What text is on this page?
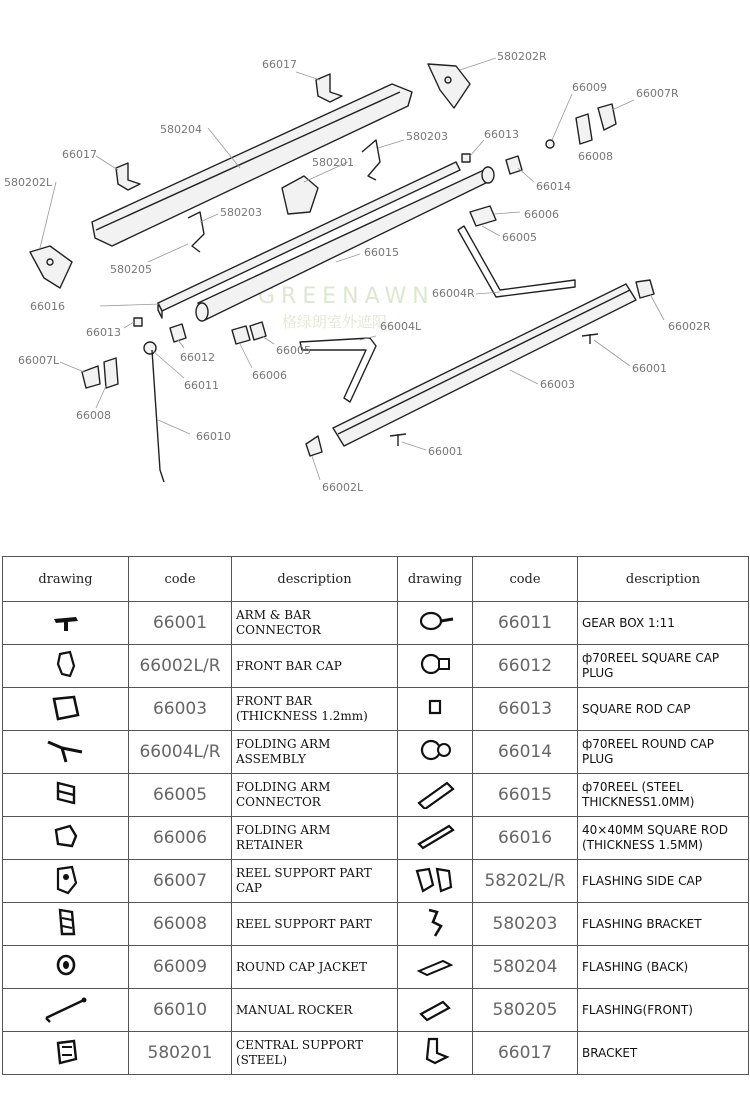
GREENAWN
格绿朗室外遮阳
66017
580202R
66009	66007R
580204
580203	66013
66008
66017
580201
66014
580202L
580203	66006
66005
580205
66015
66016
66004R
66002R
66013	66004L
66012
66005
66007L
66001
66006
66011	66003
66008
66010
66001
66002L
drawing	code	description	drawing	code	description
	66001	ARM & BAR CONNECTOR		66011	GEAR BOX 1:11
	66002L/R	FRONT BAR CAP		66012	ф70REEL SQUARE CAP PLUG
	66003	FRONT BAR (THICKNESS 1.2mm)		66013	SQUARE ROD CAP
	66004L/R	FOLDING ARM ASSEMBLY		66014	ф70REEL ROUND CAP PLUG
	66005	FOLDING ARM CONNECTOR		66015	ф70REEL (STEEL THICKNESS1.0MM)
	66006	FOLDING ARM RETAINER		66016	40×40MM SQUARE ROD (THICKNESS 1.5MM)
	66007	REEL SUPPORT PART CAP		58202L/R	FLASHING SIDE CAP
	66008	REEL SUPPORT PART		580203	FLASHING BRACKET
	66009	ROUND CAP JACKET		580204	FLASHING (BACK)
	66010	MANUAL ROCKER		580205	FLASHING(FRONT)
	580201	CENTRAL SUPPORT (STEEL)		66017	BRACKET
